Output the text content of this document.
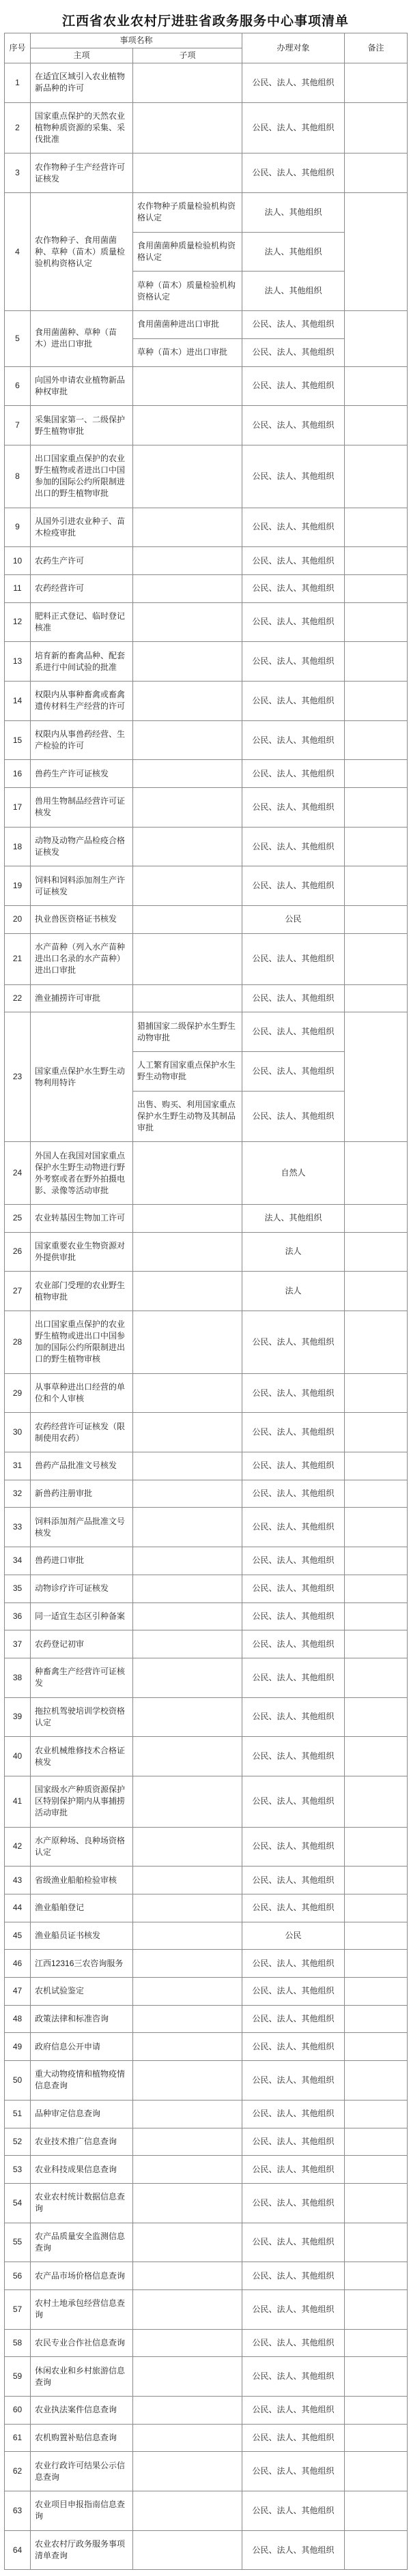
江西省农业农村厅进驻省政务服务中心事项清单
序号	事项名称		办理对象	备注
	主项	子项		
1	在适宜区域引入农业植物新品种的许可		公民、法人、其他组织	
2	国家重点保护的天然农业植物种质资源的采集、采伐批准		公民、法人、其他组织	
3	农作物种子生产经营许可证核发		公民、法人、其他组织	
4	农作物种子、食用菌菌种、草种（苗木）质量检验机构资格认定	农作物种子质量检验机构资格认定	法人、其他组织	
		食用菌菌种质量检验机构资格认定	法人、其他组织	
		草种（苗木）质量检验机构资格认定	法人、其他组织	
5	食用菌菌种、草种（苗木）进出口审批	食用菌菌种进出口审批	公民、法人、其他组织	
		草种（苗木）进出口审批	公民、法人、其他组织	
6	向国外申请农业植物新品种权审批		公民、法人、其他组织	
7	采集国家第一、二级保护野生植物审批		公民、法人、其他组织	
8	出口国家重点保护的农业野生植物或者进出口中国参加的国际公约所限制进出口的野生植物审批		公民、法人、其他组织	
9	从国外引进农业种子、苗木检疫审批		公民、法人、其他组织	
10	农药生产许可		公民、法人、其他组织	
11	农药经营许可		公民、法人、其他组织	
12	肥料正式登记、临时登记核准		公民、法人、其他组织	
13	培育新的畜禽品种、配套系进行中间试验的批准		公民、法人、其他组织	
14	权限内从事种畜禽或畜禽遗传材料生产经营的许可		公民、法人、其他组织	
15	权限内从事兽药经营、生产检验的许可		公民、法人、其他组织	
16	兽药生产许可证核发		公民、法人、其他组织	
17	兽用生物制品经营许可证核发		公民、法人、其他组织	
18	动物及动物产品检疫合格证核发		公民、法人、其他组织	
19	饲料和饲料添加剂生产许可证核发		公民、法人、其他组织	
20	执业兽医资格证书核发		公民	
21	水产苗种（列入水产苗种进出口名录的水产苗种）进出口审批		公民、法人、其他组织	
22	渔业捕捞许可审批		公民、法人、其他组织	
23	国家重点保护水生野生动物利用特许	猎捕国家二级保护水生野生动物审批	公民、法人、其他组织	
		人工繁育国家重点保护水生野生动物审批	公民、法人、其他组织	
		出售、购买、利用国家重点保护水生野生动物及其制品审批	公民、法人、其他组织	
24	外国人在我国对国家重点保护水生野生动物进行野外考察或者在野外拍摄电影、录像等活动审批		自然人	
25	农业转基因生物加工许可		法人、其他组织	
26	国家重要农业生物资源对外提供审批		法人	
27	农业部门受理的农业野生植物审批		法人	
28	出口国家重点保护的农业野生植物或进出口中国参加的国际公约所限制进出口的野生植物审核		公民、法人、其他组织	
29	从事草种进出口经营的单位和个人审核		公民、法人、其他组织	
30	农药经营许可证核发（限制使用农药）		公民、法人、其他组织	
31	兽药产品批准文号核发		公民、法人、其他组织	
32	新兽药注册审批		公民、法人、其他组织	
33	饲料添加剂产品批准文号核发		公民、法人、其他组织	
34	兽药进口审批		公民、法人、其他组织	
35	动物诊疗许可证核发		公民、法人、其他组织	
36	同一适宜生态区引种备案		公民、法人、其他组织	
37	农药登记初审		公民、法人、其他组织	
38	种畜禽生产经营许可证核发		公民、法人、其他组织	
39	拖拉机驾驶培训学校资格认定		公民、法人、其他组织	
40	农业机械维修技术合格证核发		公民、法人、其他组织	
41	国家级水产种质资源保护区特别保护期内从事捕捞活动审批		公民、法人、其他组织	
42	水产原种场、良种场资格认定		公民、法人、其他组织	
43	省级渔业船舶检验审核		公民、法人、其他组织	
44	渔业船舶登记		公民、法人、其他组织	
45	渔业船员证书核发		公民	
46	江西12316三农咨询服务		公民、法人、其他组织	
47	农机试验鉴定		公民、法人、其他组织	
48	政策法律和标准咨询		公民、法人、其他组织	
49	政府信息公开申请		公民、法人、其他组织	
50	重大动物疫情和植物疫情信息查询		公民、法人、其他组织	
51	品种审定信息查询		公民、法人、其他组织	
52	农业技术推广信息查询		公民、法人、其他组织	
53	农业科技成果信息查询		公民、法人、其他组织	
54	农业农村统计数据信息查询		公民、法人、其他组织	
55	农产品质量安全监测信息查询		公民、法人、其他组织	
56	农产品市场价格信息查询		公民、法人、其他组织	
57	农村土地承包经营信息查询		公民、法人、其他组织	
58	农民专业合作社信息查询		公民、法人、其他组织	
59	休闲农业和乡村旅游信息查询		公民、法人、其他组织	
60	农业执法案件信息查询		公民、法人、其他组织	
61	农机购置补贴信息查询		公民、法人、其他组织	
62	农业行政许可结果公示信息查询		公民、法人、其他组织	
63	农业项目申报指南信息查询		公民、法人、其他组织	
64	农业农村厅政务服务事项清单查询		公民、法人、其他组织	
